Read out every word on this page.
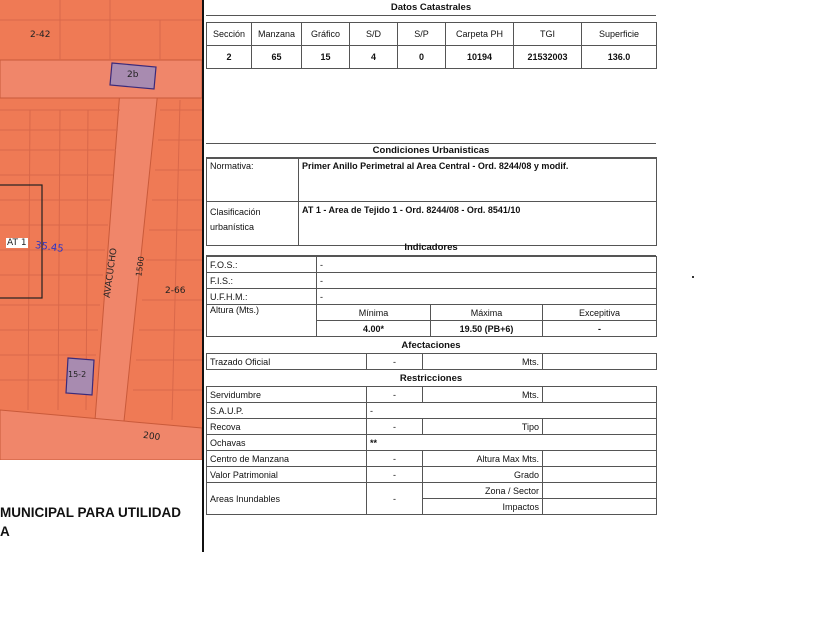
2-42
2b
AT 1 35.45	AVACUCHO 1500
2-66
15-2
200
MUNICIPAL PARA UTILIDAD
A
Datos Catastrales
Sección	Manzana	Gráfico	S/D	S/P	Carpeta PH	TGI	Superficie
2	65	15	4	0	10194	21532003	136.0
Condiciones Urbanisticas
Normativa:	Primer Anillo Perimetral al Area Central - Ord. 8244/08 y modif.
Clasificación
urbanística	AT 1 - Area de Tejido 1 - Ord. 8244/08 - Ord. 8541/10
Indicadores
F.O.S.:	-		
F.I.S.:	-		
U.F.H.M.:	-		
Altura (Mts.)	Mínima	Máxima	Excepitiva
	4.00*	19.50 (PB+6)	-
Afectaciones
Trazado Oficial	-	Mts.	
Restricciones
Servidumbre	-	Mts.	
S.A.U.P.	-		
Recova	-	Tipo	
Ochavas	**		
Centro de Manzana	-	Altura Max Mts.	
Valor Patrimonial	-	Grado	
Areas Inundables	-	Zona / Sector	
		Impactos	
